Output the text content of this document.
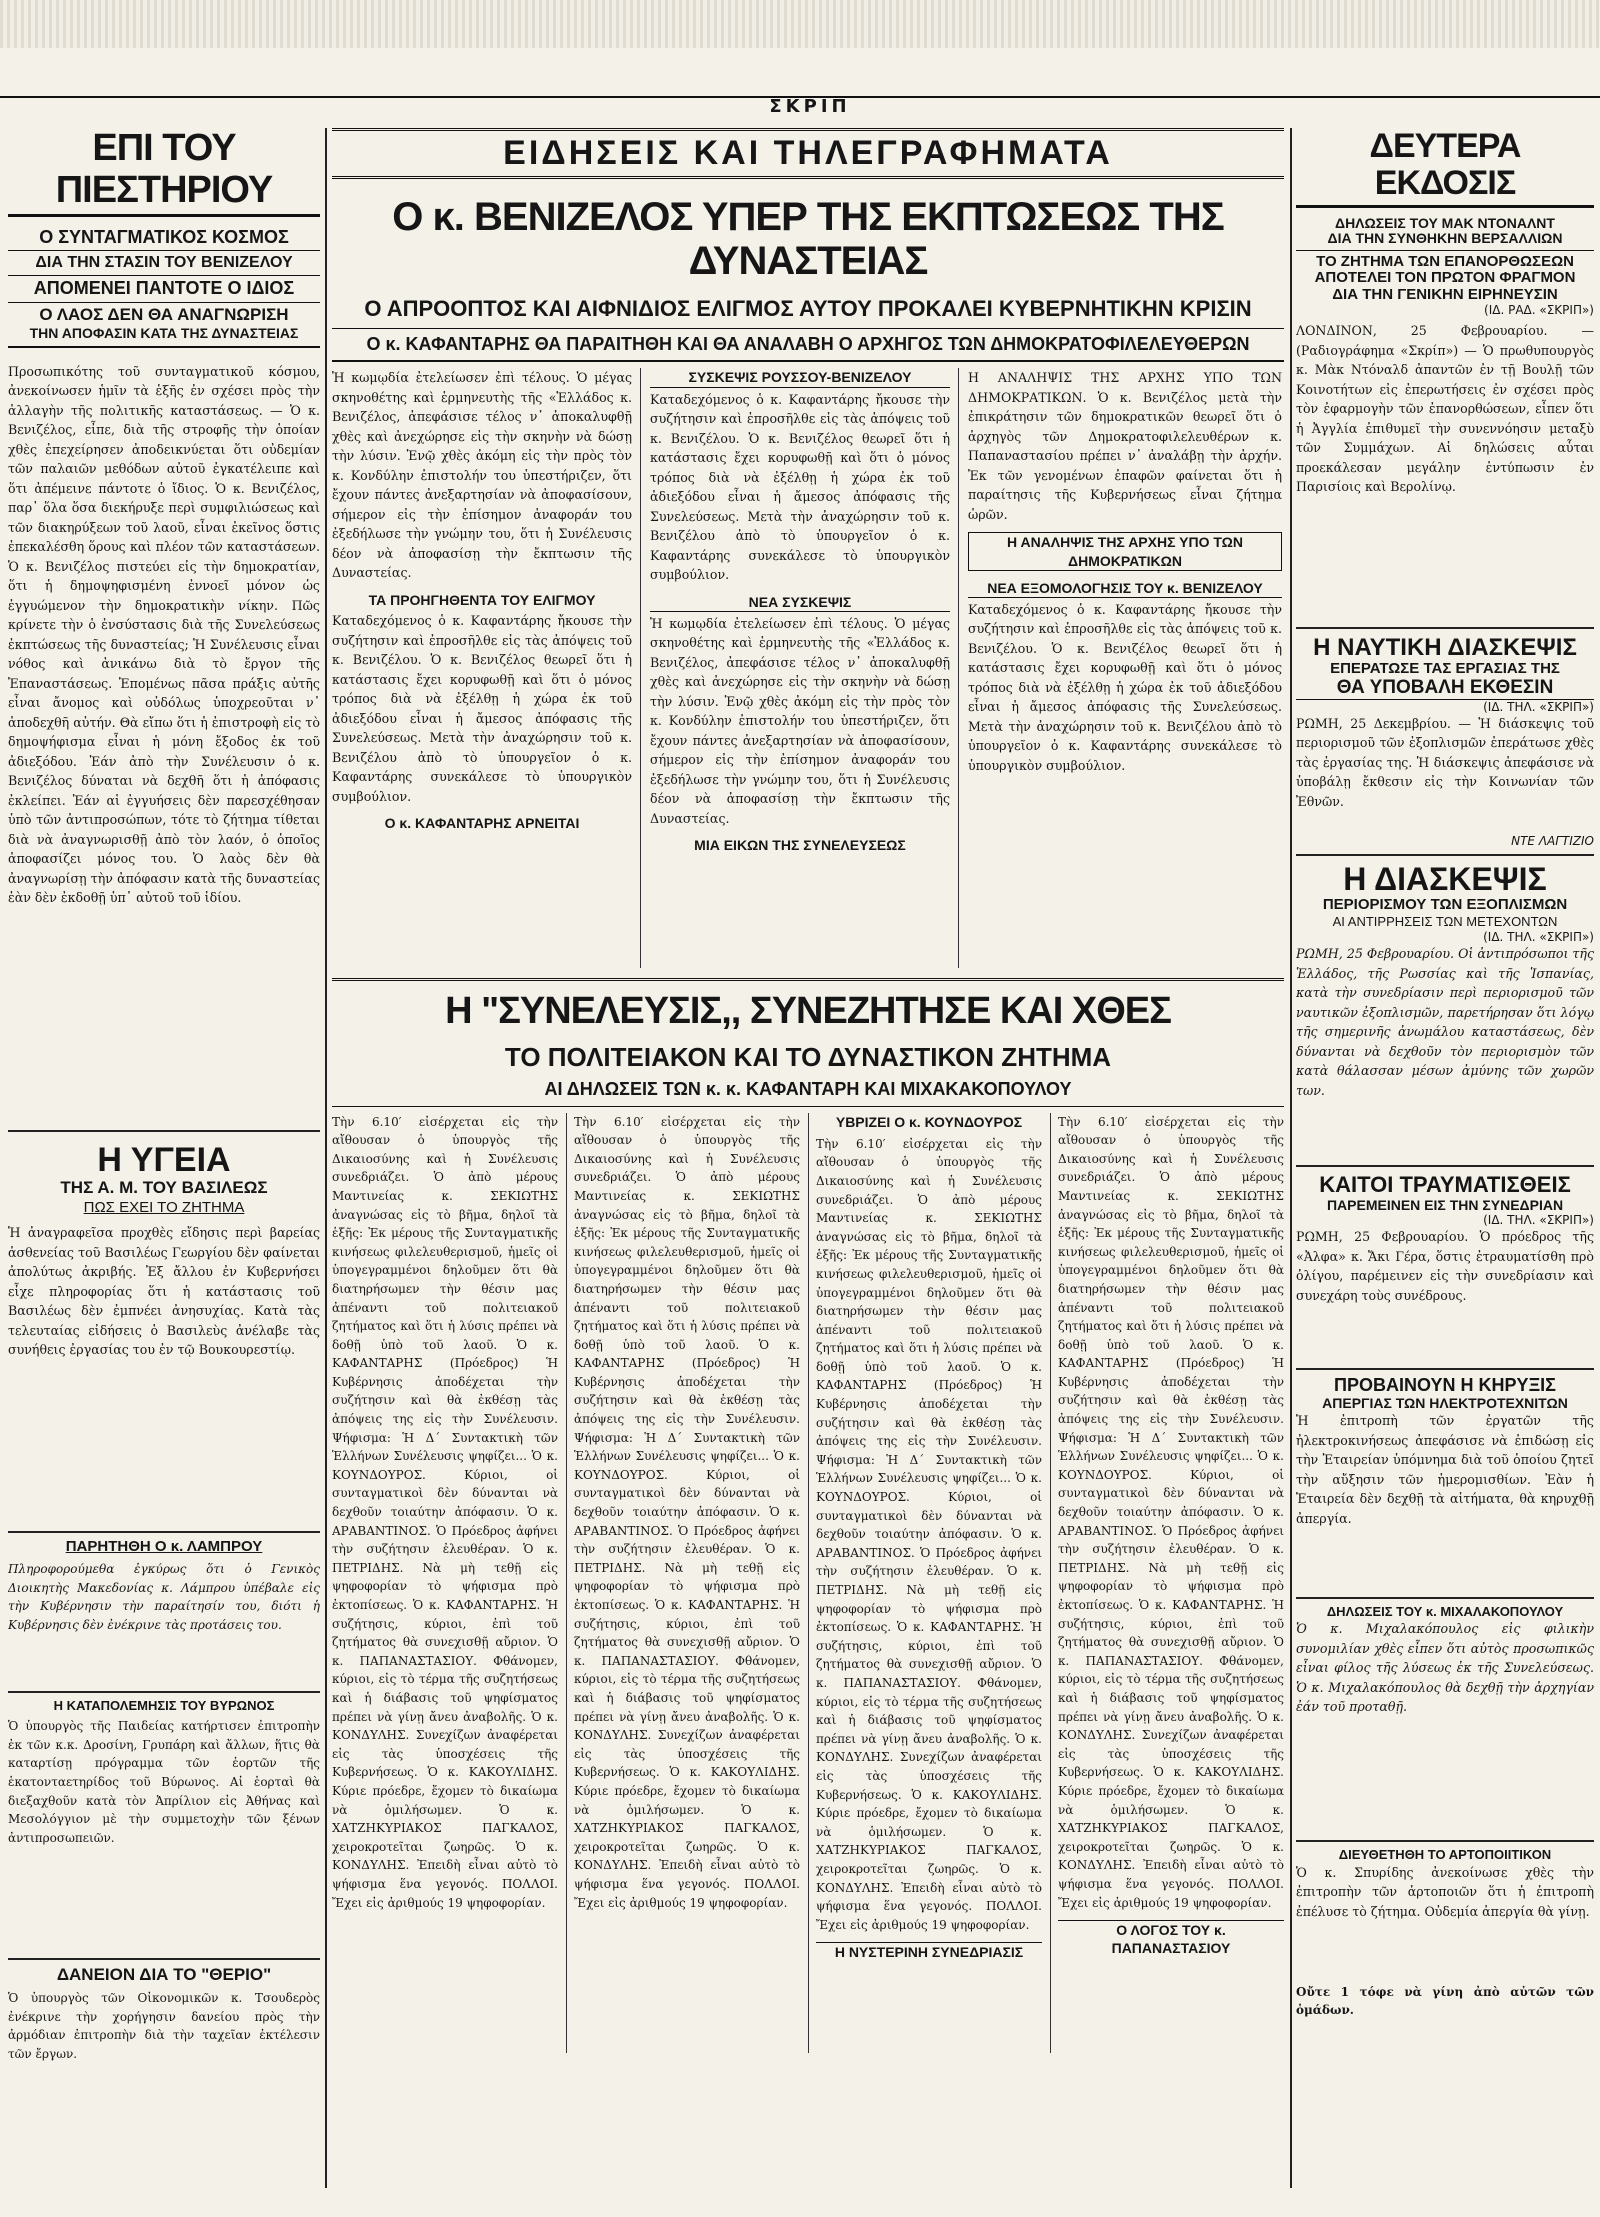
ΣΚΡΙΠ
ΕΠΙ ΤΟΥ ΠΙΕΣΤΗΡΙΟΥ
Ο ΣΥΝΤΑΓΜΑΤΙΚΟΣ ΚΟΣΜΟΣ
ΔΙΑ ΤΗΝ ΣΤΑΣΙΝ ΤΟΥ ΒΕΝΙΖΕΛΟΥ
ΑΠΟΜΕΝΕΙ ΠΑΝΤΟΤΕ Ο ΙΔΙΟΣ
Ο ΛΑΟΣ ΔΕΝ ΘΑ ΑΝΑΓΝΩΡΙΣΗ
ΤΗΝ ΑΠΟΦΑΣΙΝ ΚΑΤΑ ΤΗΣ ΔΥΝΑΣΤΕΙΑΣ
Προσωπικότης τοῦ συνταγματικοῦ κόσμου, ἀνεκοίνωσεν ἡμῖν τὰ ἑξῆς ἐν σχέσει πρὸς τὴν ἀλλαγὴν τῆς πολιτικῆς καταστάσεως. — Ὁ κ. Βενιζέλος, εἶπε, διὰ τῆς στροφῆς τὴν ὁποίαν χθὲς ἐπεχείρησεν ἀποδεικνύεται ὅτι οὐδεμίαν τῶν παλαιῶν μεθόδων αὐτοῦ ἐγκατέλειπε καὶ ὅτι ἀπέμεινε πάντοτε ὁ ἴδιος. Ὁ κ. Βενιζέλος, παρ᾽ ὅλα ὅσα διεκήρυξε περὶ συμφιλιώσεως καὶ τῶν διακηρύξεων τοῦ λαοῦ, εἶναι ἐκεῖνος ὅστις ἐπεκαλέσθη ὅρους καὶ πλέον τῶν καταστάσεων. Ὁ κ. Βενιζέλος πιστεύει εἰς τὴν δημοκρατίαν, ὅτι ἡ δημοψηφισμένη ἐννοεῖ μόνον ὡς ἐγγυώμενον τὴν δημοκρατικὴν νίκην. Πῶς κρίνετε τὴν ὁ ἐνσύστασις διὰ τῆς Συνελεύσεως ἐκπτώσεως τῆς δυναστείας; Ἡ Συνέλευσις εἶναι νόθος καὶ ἀνικάνω διὰ τὸ ἔργον τῆς Ἐπαναστάσεως. Ἐπομένως πᾶσα πράξις αὐτῆς εἶναι ἄνομος καὶ οὐδόλως ὑποχρεοῦται ν᾽ ἀποδεχθῆ αὐτήν. Θὰ εἴπω ὅτι ἡ ἐπιστροφὴ εἰς τὸ δημοψήφισμα εἶναι ἡ μόνη ἔξοδος ἐκ τοῦ ἀδιεξόδου. Ἐάν ἀπὸ τὴν Συνέλευσιν ὁ κ. Βενιζέλος δύναται νὰ δεχθῆ ὅτι ἡ ἀπόφασις ἐκλείπει. Ἐάν αἱ ἐγγυήσεις δὲν παρεσχέθησαν ὑπὸ τῶν ἀντιπροσώπων, τότε τὸ ζήτημα τίθεται διὰ νὰ ἀναγνωρισθῇ ἀπὸ τὸν λαόν, ὁ ὁποῖος ἀποφασίζει μόνος του. Ὁ λαὸς δὲν θὰ ἀναγνωρίσῃ τὴν ἀπόφασιν κατὰ τῆς δυναστείας ἐὰν δὲν ἐκδοθῇ ὑπ᾽ αὐτοῦ τοῦ ἰδίου.
Η ΥΓΕΙΑ
ΤΗΣ Α. Μ. ΤΟΥ ΒΑΣΙΛΕΩΣ
ΠΩΣ ΕΧΕΙ ΤΟ ΖΗΤΗΜΑ
Ἡ ἀναγραφεῖσα προχθὲς εἴδησις περὶ βαρείας ἀσθενείας τοῦ Βασιλέως Γεωργίου δὲν φαίνεται ἀπολύτως ἀκριβής. Ἐξ ἄλλου ἐν Κυβερνήσει εἶχε πληροφορίας ὅτι ἡ κατάστασις τοῦ Βασιλέως δὲν ἐμπνέει ἀνησυχίας. Κατὰ τὰς τελευταίας εἰδήσεις ὁ Βασιλεὺς ἀνέλαβε τὰς συνήθεις ἐργασίας του ἐν τῷ Βουκουρεστίῳ.
ΠΑΡΗΤΗΘΗ Ο κ. ΛΑΜΠΡΟΥ
Πληροφορούμεθα ἐγκύρως ὅτι ὁ Γενικὸς Διοικητὴς Μακεδονίας κ. Λάμπρου ὑπέβαλε εἰς τὴν Κυβέρνησιν τὴν παραίτησίν του, διότι ἡ Κυβέρνησις δὲν ἐνέκρινε τὰς προτάσεις του.
Η ΚΑΤΑΠΟΛΕΜΗΣΙΣ ΤΟΥ ΒΥΡΩΝΟΣ
Ὁ ὑπουργὸς τῆς Παιδείας κατήρτισεν ἐπιτροπὴν ἐκ τῶν κ.κ. Δροσίνη, Γρυπάρη καὶ ἄλλων, ἥτις θὰ καταρτίσῃ πρόγραμμα τῶν ἐορτῶν τῆς ἑκατονταετηρίδος τοῦ Βύρωνος. Αἱ ἑορταὶ θὰ διεξαχθοῦν κατὰ τὸν Ἀπρίλιον εἰς Ἀθήνας καὶ Μεσολόγγιον μὲ τὴν συμμετοχὴν τῶν ξένων ἀντιπροσωπειῶν.
ΔΑΝΕΙΟΝ ΔΙΑ ΤΟ "ΘΕΡΙΟ"
Ὁ ὑπουργὸς τῶν Οἰκονομικῶν κ. Τσουδερὸς ἐνέκρινε τὴν χορήγησιν δανείου πρὸς τὴν ἀρμόδιαν ἐπιτροπὴν διὰ τὴν ταχεῖαν ἐκτέλεσιν τῶν ἔργων.
ΕΙΔΗΣΕΙΣ ΚΑΙ ΤΗΛΕΓΡΑΦΗΜΑΤΑ
Ο κ. ΒΕΝΙΖΕΛΟΣ ΥΠΕΡ ΤΗΣ ΕΚΠΤΩΣΕΩΣ ΤΗΣ ΔΥΝΑΣΤΕΙΑΣ
Ο ΑΠΡΟΟΠΤΟΣ ΚΑΙ ΑΙΦΝΙΔΙΟΣ ΕΛΙΓΜΟΣ ΑΥΤΟΥ ΠΡΟΚΑΛΕΙ ΚΥΒΕΡΝΗΤΙΚΗΝ ΚΡΙΣΙΝ
Ο κ. ΚΑΦΑΝΤΑΡΗΣ ΘΑ ΠΑΡΑΙΤΗΘΗ ΚΑΙ ΘΑ ΑΝΑΛΑΒΗ Ο ΑΡΧΗΓΟΣ ΤΩΝ ΔΗΜΟΚΡΑΤΟΦΙΛΕΛΕΥΘΕΡΩΝ
Ἡ κωμῳδία ἐτελείωσεν ἐπὶ τέλους. Ὁ μέγας σκηνοθέτης καὶ ἑρμηνευτὴς τῆς «Ἑλλάδος κ. Βενιζέλος, ἀπεφάσισε τέλος ν᾽ ἀποκαλυφθῇ χθὲς καὶ ἀνεχώρησε εἰς τὴν σκηνὴν νὰ δώσῃ τὴν λύσιν. Ἐνῷ χθὲς ἀκόμη εἰς τὴν πρὸς τὸν κ. Κονδύλην ἐπιστολήν του ὑπεστήριζεν, ὅτι ἔχουν πάντες ἀνεξαρτησίαν νὰ ἀποφασίσουν, σήμερον εἰς τὴν ἐπίσημον ἀναφοράν του ἐξεδήλωσε τὴν γνώμην του, ὅτι ἡ Συνέλευσις δέον νὰ ἀποφασίσῃ τὴν ἔκπτωσιν τῆς Δυναστείας.
ΤΑ ΠΡΟΗΓΗΘΕΝΤΑ ΤΟΥ ΕΛΙΓΜΟΥ
Καταδεχόμενος ὁ κ. Καφαντάρης ἤκουσε τὴν συζήτησιν καὶ ἐπροσῆλθε εἰς τὰς ἀπόψεις τοῦ κ. Βενιζέλου. Ὁ κ. Βενιζέλος θεωρεῖ ὅτι ἡ κατάστασις ἔχει κορυφωθῇ καὶ ὅτι ὁ μόνος τρόπος διὰ νὰ ἐξέλθῃ ἡ χώρα ἐκ τοῦ ἀδιεξόδου εἶναι ἡ ἄμεσος ἀπόφασις τῆς Συνελεύσεως. Μετὰ τὴν ἀναχώρησιν τοῦ κ. Βενιζέλου ἀπὸ τὸ ὑπουργεῖον ὁ κ. Καφαντάρης συνεκάλεσε τὸ ὑπουργικὸν συμβούλιον.
Ο κ. ΚΑΦΑΝΤΑΡΗΣ ΑΡΝΕΙΤΑΙ
ΣΥΣΚΕΨΙΣ ΡΟΥΣΣΟΥ-ΒΕΝΙΖΕΛΟΥ
Καταδεχόμενος ὁ κ. Καφαντάρης ἤκουσε τὴν συζήτησιν καὶ ἐπροσῆλθε εἰς τὰς ἀπόψεις τοῦ κ. Βενιζέλου. Ὁ κ. Βενιζέλος θεωρεῖ ὅτι ἡ κατάστασις ἔχει κορυφωθῇ καὶ ὅτι ὁ μόνος τρόπος διὰ νὰ ἐξέλθῃ ἡ χώρα ἐκ τοῦ ἀδιεξόδου εἶναι ἡ ἄμεσος ἀπόφασις τῆς Συνελεύσεως. Μετὰ τὴν ἀναχώρησιν τοῦ κ. Βενιζέλου ἀπὸ τὸ ὑπουργεῖον ὁ κ. Καφαντάρης συνεκάλεσε τὸ ὑπουργικὸν συμβούλιον.
ΝΕΑ ΣΥΣΚΕΨΙΣ
Ἡ κωμῳδία ἐτελείωσεν ἐπὶ τέλους. Ὁ μέγας σκηνοθέτης καὶ ἑρμηνευτὴς τῆς «Ἑλλάδος κ. Βενιζέλος, ἀπεφάσισε τέλος ν᾽ ἀποκαλυφθῇ χθὲς καὶ ἀνεχώρησε εἰς τὴν σκηνὴν νὰ δώσῃ τὴν λύσιν. Ἐνῷ χθὲς ἀκόμη εἰς τὴν πρὸς τὸν κ. Κονδύλην ἐπιστολήν του ὑπεστήριζεν, ὅτι ἔχουν πάντες ἀνεξαρτησίαν νὰ ἀποφασίσουν, σήμερον εἰς τὴν ἐπίσημον ἀναφοράν του ἐξεδήλωσε τὴν γνώμην του, ὅτι ἡ Συνέλευσις δέον νὰ ἀποφασίσῃ τὴν ἔκπτωσιν τῆς Δυναστείας.
ΜΙΑ ΕΙΚΩΝ ΤΗΣ ΣΥΝΕΛΕΥΣΕΩΣ
Η ΑΝΑΛΗΨΙΣ ΤΗΣ ΑΡΧΗΣ ΥΠΟ ΤΩΝ ΔΗΜΟΚΡΑΤΙΚΩΝ. Ὁ κ. Βενιζέλος μετὰ τὴν ἐπικράτησιν τῶν δημοκρατικῶν θεωρεῖ ὅτι ὁ ἀρχηγὸς τῶν Δημοκρατοφιλελευθέρων κ. Παπαναστασίου πρέπει ν᾽ ἀναλάβῃ τὴν ἀρχήν. Ἐκ τῶν γενομένων ἐπαφῶν φαίνεται ὅτι ἡ παραίτησις τῆς Κυβερνήσεως εἶναι ζήτημα ὡρῶν.
Η ΑΝΑΛΗΨΙΣ ΤΗΣ ΑΡΧΗΣ ΥΠΟ ΤΩΝ ΔΗΜΟΚΡΑΤΙΚΩΝ
ΝΕΑ ΕΞΟΜΟΛΟΓΗΣΙΣ ΤΟΥ κ. ΒΕΝΙΖΕΛΟΥ
Καταδεχόμενος ὁ κ. Καφαντάρης ἤκουσε τὴν συζήτησιν καὶ ἐπροσῆλθε εἰς τὰς ἀπόψεις τοῦ κ. Βενιζέλου. Ὁ κ. Βενιζέλος θεωρεῖ ὅτι ἡ κατάστασις ἔχει κορυφωθῇ καὶ ὅτι ὁ μόνος τρόπος διὰ νὰ ἐξέλθῃ ἡ χώρα ἐκ τοῦ ἀδιεξόδου εἶναι ἡ ἄμεσος ἀπόφασις τῆς Συνελεύσεως. Μετὰ τὴν ἀναχώρησιν τοῦ κ. Βενιζέλου ἀπὸ τὸ ὑπουργεῖον ὁ κ. Καφαντάρης συνεκάλεσε τὸ ὑπουργικὸν συμβούλιον.
Η "ΣΥΝΕΛΕΥΣΙΣ,, ΣΥΝΕΖΗΤΗΣΕ ΚΑΙ ΧΘΕΣ
ΤΟ ΠΟΛΙΤΕΙΑΚΟΝ ΚΑΙ ΤΟ ΔΥΝΑΣΤΙΚΟΝ ΖΗΤΗΜΑ
ΑΙ ΔΗΛΩΣΕΙΣ ΤΩΝ κ. κ. ΚΑΦΑΝΤΑΡΗ ΚΑΙ ΜΙΧΑΚΑΚΟΠΟΥΛΟΥ
Τὴν 6.10′ εἰσέρχεται εἰς τὴν αἴθουσαν ὁ ὑπουργὸς τῆς Δικαιοσύνης καὶ ἡ Συνέλευσις συνεδριάζει. Ὁ ἀπὸ μέρους Μαντινείας κ. ΣΕΚΙΩΤΗΣ ἀναγνώσας εἰς τὸ βῆμα, δηλοῖ τὰ ἑξῆς: Ἐκ μέρους τῆς Συνταγματικῆς κινήσεως φιλελευθερισμοῦ, ἡμεῖς οἱ ὑπογεγραμμένοι δηλοῦμεν ὅτι θὰ διατηρήσωμεν τὴν θέσιν μας ἀπέναντι τοῦ πολιτειακοῦ ζητήματος καὶ ὅτι ἡ λύσις πρέπει νὰ δοθῇ ὑπὸ τοῦ λαοῦ. Ὁ κ. ΚΑΦΑΝΤΑΡΗΣ (Πρόεδρος) Ἡ Κυβέρνησις ἀποδέχεται τὴν συζήτησιν καὶ θὰ ἐκθέσῃ τὰς ἀπόψεις της εἰς τὴν Συνέλευσιν. Ψήφισμα: Ἡ Δ΄ Συντακτικὴ τῶν Ἑλλήνων Συνέλευσις ψηφίζει... Ὁ κ. ΚΟΥΝΔΟΥΡΟΣ. Κύριοι, οἱ συνταγματικοὶ δὲν δύνανται νὰ δεχθοῦν τοιαύτην ἀπόφασιν. Ὁ κ. ΑΡΑΒΑΝΤΙΝΟΣ. Ὁ Πρόεδρος ἀφήνει τὴν συζήτησιν ἐλευθέραν. Ὁ κ. ΠΕΤΡΙΔΗΣ. Νὰ μὴ τεθῇ εἰς ψηφοφορίαν τὸ ψήφισμα πρὸ ἐκτοπίσεως. Ὁ κ. ΚΑΦΑΝΤΑΡΗΣ. Ἡ συζήτησις, κύριοι, ἐπὶ τοῦ ζητήματος θὰ συνεχισθῇ αὔριον. Ὁ κ. ΠΑΠΑΝΑΣΤΑΣΙΟΥ. Φθάνομεν, κύριοι, εἰς τὸ τέρμα τῆς συζητήσεως καὶ ἡ διάβασις τοῦ ψηφίσματος πρέπει νὰ γίνῃ ἄνευ ἀναβολῆς. Ὁ κ. ΚΟΝΔΥΛΗΣ. Συνεχίζων ἀναφέρεται εἰς τὰς ὑποσχέσεις τῆς Κυβερνήσεως. Ὁ κ. ΚΑΚΟΥΛΙΔΗΣ. Κύριε πρόεδρε, ἔχομεν τὸ δικαίωμα νὰ ὁμιλήσωμεν. Ὁ κ. ΧΑΤΖΗΚΥΡΙΑΚΟΣ ΠΑΓΚΑΛΟΣ, χειροκροτεῖται ζωηρῶς. Ὁ κ. ΚΟΝΔΥΛΗΣ. Ἐπειδὴ εἶναι αὐτὸ τὸ ψήφισμα ἕνα γεγονός. ΠΟΛΛΟΙ. Ἔχει εἰς ἀριθμούς 19 ψηφοφορίαν.
Τὴν 6.10′ εἰσέρχεται εἰς τὴν αἴθουσαν ὁ ὑπουργὸς τῆς Δικαιοσύνης καὶ ἡ Συνέλευσις συνεδριάζει. Ὁ ἀπὸ μέρους Μαντινείας κ. ΣΕΚΙΩΤΗΣ ἀναγνώσας εἰς τὸ βῆμα, δηλοῖ τὰ ἑξῆς: Ἐκ μέρους τῆς Συνταγματικῆς κινήσεως φιλελευθερισμοῦ, ἡμεῖς οἱ ὑπογεγραμμένοι δηλοῦμεν ὅτι θὰ διατηρήσωμεν τὴν θέσιν μας ἀπέναντι τοῦ πολιτειακοῦ ζητήματος καὶ ὅτι ἡ λύσις πρέπει νὰ δοθῇ ὑπὸ τοῦ λαοῦ. Ὁ κ. ΚΑΦΑΝΤΑΡΗΣ (Πρόεδρος) Ἡ Κυβέρνησις ἀποδέχεται τὴν συζήτησιν καὶ θὰ ἐκθέσῃ τὰς ἀπόψεις της εἰς τὴν Συνέλευσιν. Ψήφισμα: Ἡ Δ΄ Συντακτικὴ τῶν Ἑλλήνων Συνέλευσις ψηφίζει... Ὁ κ. ΚΟΥΝΔΟΥΡΟΣ. Κύριοι, οἱ συνταγματικοὶ δὲν δύνανται νὰ δεχθοῦν τοιαύτην ἀπόφασιν. Ὁ κ. ΑΡΑΒΑΝΤΙΝΟΣ. Ὁ Πρόεδρος ἀφήνει τὴν συζήτησιν ἐλευθέραν. Ὁ κ. ΠΕΤΡΙΔΗΣ. Νὰ μὴ τεθῇ εἰς ψηφοφορίαν τὸ ψήφισμα πρὸ ἐκτοπίσεως. Ὁ κ. ΚΑΦΑΝΤΑΡΗΣ. Ἡ συζήτησις, κύριοι, ἐπὶ τοῦ ζητήματος θὰ συνεχισθῇ αὔριον. Ὁ κ. ΠΑΠΑΝΑΣΤΑΣΙΟΥ. Φθάνομεν, κύριοι, εἰς τὸ τέρμα τῆς συζητήσεως καὶ ἡ διάβασις τοῦ ψηφίσματος πρέπει νὰ γίνῃ ἄνευ ἀναβολῆς. Ὁ κ. ΚΟΝΔΥΛΗΣ. Συνεχίζων ἀναφέρεται εἰς τὰς ὑποσχέσεις τῆς Κυβερνήσεως. Ὁ κ. ΚΑΚΟΥΛΙΔΗΣ. Κύριε πρόεδρε, ἔχομεν τὸ δικαίωμα νὰ ὁμιλήσωμεν. Ὁ κ. ΧΑΤΖΗΚΥΡΙΑΚΟΣ ΠΑΓΚΑΛΟΣ, χειροκροτεῖται ζωηρῶς. Ὁ κ. ΚΟΝΔΥΛΗΣ. Ἐπειδὴ εἶναι αὐτὸ τὸ ψήφισμα ἕνα γεγονός. ΠΟΛΛΟΙ. Ἔχει εἰς ἀριθμούς 19 ψηφοφορίαν.
ΥΒΡΙΖΕΙ Ο κ. ΚΟΥΝΔΟΥΡΟΣ
Τὴν 6.10′ εἰσέρχεται εἰς τὴν αἴθουσαν ὁ ὑπουργὸς τῆς Δικαιοσύνης καὶ ἡ Συνέλευσις συνεδριάζει. Ὁ ἀπὸ μέρους Μαντινείας κ. ΣΕΚΙΩΤΗΣ ἀναγνώσας εἰς τὸ βῆμα, δηλοῖ τὰ ἑξῆς: Ἐκ μέρους τῆς Συνταγματικῆς κινήσεως φιλελευθερισμοῦ, ἡμεῖς οἱ ὑπογεγραμμένοι δηλοῦμεν ὅτι θὰ διατηρήσωμεν τὴν θέσιν μας ἀπέναντι τοῦ πολιτειακοῦ ζητήματος καὶ ὅτι ἡ λύσις πρέπει νὰ δοθῇ ὑπὸ τοῦ λαοῦ. Ὁ κ. ΚΑΦΑΝΤΑΡΗΣ (Πρόεδρος) Ἡ Κυβέρνησις ἀποδέχεται τὴν συζήτησιν καὶ θὰ ἐκθέσῃ τὰς ἀπόψεις της εἰς τὴν Συνέλευσιν. Ψήφισμα: Ἡ Δ΄ Συντακτικὴ τῶν Ἑλλήνων Συνέλευσις ψηφίζει... Ὁ κ. ΚΟΥΝΔΟΥΡΟΣ. Κύριοι, οἱ συνταγματικοὶ δὲν δύνανται νὰ δεχθοῦν τοιαύτην ἀπόφασιν. Ὁ κ. ΑΡΑΒΑΝΤΙΝΟΣ. Ὁ Πρόεδρος ἀφήνει τὴν συζήτησιν ἐλευθέραν. Ὁ κ. ΠΕΤΡΙΔΗΣ. Νὰ μὴ τεθῇ εἰς ψηφοφορίαν τὸ ψήφισμα πρὸ ἐκτοπίσεως. Ὁ κ. ΚΑΦΑΝΤΑΡΗΣ. Ἡ συζήτησις, κύριοι, ἐπὶ τοῦ ζητήματος θὰ συνεχισθῇ αὔριον. Ὁ κ. ΠΑΠΑΝΑΣΤΑΣΙΟΥ. Φθάνομεν, κύριοι, εἰς τὸ τέρμα τῆς συζητήσεως καὶ ἡ διάβασις τοῦ ψηφίσματος πρέπει νὰ γίνῃ ἄνευ ἀναβολῆς. Ὁ κ. ΚΟΝΔΥΛΗΣ. Συνεχίζων ἀναφέρεται εἰς τὰς ὑποσχέσεις τῆς Κυβερνήσεως. Ὁ κ. ΚΑΚΟΥΛΙΔΗΣ. Κύριε πρόεδρε, ἔχομεν τὸ δικαίωμα νὰ ὁμιλήσωμεν. Ὁ κ. ΧΑΤΖΗΚΥΡΙΑΚΟΣ ΠΑΓΚΑΛΟΣ, χειροκροτεῖται ζωηρῶς. Ὁ κ. ΚΟΝΔΥΛΗΣ. Ἐπειδὴ εἶναι αὐτὸ τὸ ψήφισμα ἕνα γεγονός. ΠΟΛΛΟΙ. Ἔχει εἰς ἀριθμούς 19 ψηφοφορίαν.
Η ΝΥΣΤΕΡΙΝΗ ΣΥΝΕΔΡΙΑΣΙΣ
Τὴν 6.10′ εἰσέρχεται εἰς τὴν αἴθουσαν ὁ ὑπουργὸς τῆς Δικαιοσύνης καὶ ἡ Συνέλευσις συνεδριάζει. Ὁ ἀπὸ μέρους Μαντινείας κ. ΣΕΚΙΩΤΗΣ ἀναγνώσας εἰς τὸ βῆμα, δηλοῖ τὰ ἑξῆς: Ἐκ μέρους τῆς Συνταγματικῆς κινήσεως φιλελευθερισμοῦ, ἡμεῖς οἱ ὑπογεγραμμένοι δηλοῦμεν ὅτι θὰ διατηρήσωμεν τὴν θέσιν μας ἀπέναντι τοῦ πολιτειακοῦ ζητήματος καὶ ὅτι ἡ λύσις πρέπει νὰ δοθῇ ὑπὸ τοῦ λαοῦ. Ὁ κ. ΚΑΦΑΝΤΑΡΗΣ (Πρόεδρος) Ἡ Κυβέρνησις ἀποδέχεται τὴν συζήτησιν καὶ θὰ ἐκθέσῃ τὰς ἀπόψεις της εἰς τὴν Συνέλευσιν. Ψήφισμα: Ἡ Δ΄ Συντακτικὴ τῶν Ἑλλήνων Συνέλευσις ψηφίζει... Ὁ κ. ΚΟΥΝΔΟΥΡΟΣ. Κύριοι, οἱ συνταγματικοὶ δὲν δύνανται νὰ δεχθοῦν τοιαύτην ἀπόφασιν. Ὁ κ. ΑΡΑΒΑΝΤΙΝΟΣ. Ὁ Πρόεδρος ἀφήνει τὴν συζήτησιν ἐλευθέραν. Ὁ κ. ΠΕΤΡΙΔΗΣ. Νὰ μὴ τεθῇ εἰς ψηφοφορίαν τὸ ψήφισμα πρὸ ἐκτοπίσεως. Ὁ κ. ΚΑΦΑΝΤΑΡΗΣ. Ἡ συζήτησις, κύριοι, ἐπὶ τοῦ ζητήματος θὰ συνεχισθῇ αὔριον. Ὁ κ. ΠΑΠΑΝΑΣΤΑΣΙΟΥ. Φθάνομεν, κύριοι, εἰς τὸ τέρμα τῆς συζητήσεως καὶ ἡ διάβασις τοῦ ψηφίσματος πρέπει νὰ γίνῃ ἄνευ ἀναβολῆς. Ὁ κ. ΚΟΝΔΥΛΗΣ. Συνεχίζων ἀναφέρεται εἰς τὰς ὑποσχέσεις τῆς Κυβερνήσεως. Ὁ κ. ΚΑΚΟΥΛΙΔΗΣ. Κύριε πρόεδρε, ἔχομεν τὸ δικαίωμα νὰ ὁμιλήσωμεν. Ὁ κ. ΧΑΤΖΗΚΥΡΙΑΚΟΣ ΠΑΓΚΑΛΟΣ, χειροκροτεῖται ζωηρῶς. Ὁ κ. ΚΟΝΔΥΛΗΣ. Ἐπειδὴ εἶναι αὐτὸ τὸ ψήφισμα ἕνα γεγονός. ΠΟΛΛΟΙ. Ἔχει εἰς ἀριθμούς 19 ψηφοφορίαν.
Ο ΛΟΓΟΣ ΤΟΥ κ. ΠΑΠΑΝΑΣΤΑΣΙΟΥ
ΔΕΥΤΕΡΑ ΕΚΔΟΣΙΣ
ΔΗΛΩΣΕΙΣ ΤΟΥ ΜΑΚ ΝΤΟΝΑΛΝΤ
ΔΙΑ ΤΗΝ ΣΥΝΘΗΚΗΝ ΒΕΡΣΑΛΛΙΩΝ
ΤΟ ΖΗΤΗΜΑ ΤΩΝ ΕΠΑΝΟΡΘΩΣΕΩΝ
ΑΠΟΤΕΛΕΙ ΤΟΝ ΠΡΩΤΟΝ ΦΡΑΓΜΟΝ
ΔΙΑ ΤΗΝ ΓΕΝΙΚΗΝ ΕΙΡΗΝΕΥΣΙΝ
(ΙΔ. ΡΑΔ. «ΣΚΡΙΠ»)
ΛΟΝΔΙΝΟΝ, 25 Φεβρουαρίου. — (Ραδιογράφημα «Σκρίπ») — Ὁ πρωθυπουργὸς κ. Μὰκ Ντόναλδ ἀπαντῶν ἐν τῇ Βουλῇ τῶν Κοινοτήτων εἰς ἐπερωτήσεις ἐν σχέσει πρὸς τὸν ἐφαρμογὴν τῶν ἐπανορθώσεων, εἶπεν ὅτι ἡ Ἀγγλία ἐπιθυμεῖ τὴν συνεννόησιν μεταξὺ τῶν Συμμάχων. Αἱ δηλώσεις αὗται προεκάλεσαν μεγάλην ἐντύπωσιν ἐν Παρισίοις καὶ Βερολίνῳ.
Η ΝΑΥΤΙΚΗ ΔΙΑΣΚΕΨΙΣ
ΕΠΕΡΑΤΩΣΕ ΤΑΣ ΕΡΓΑΣΙΑΣ ΤΗΣ
ΘΑ ΥΠΟΒΑΛΗ ΕΚΘΕΣΙΝ
(ΙΔ. ΤΗΛ. «ΣΚΡΙΠ»)
ΡΩΜΗ, 25 Δεκεμβρίου. — Ἡ διάσκεψις τοῦ περιορισμοῦ τῶν ἐξοπλισμῶν ἐπεράτωσε χθὲς τὰς ἐργασίας της. Ἡ διάσκεψις ἀπεφάσισε νὰ ὑποβάλῃ ἔκθεσιν εἰς τὴν Κοινωνίαν τῶν Ἐθνῶν.
ΝΤΕ ΛΑΓΤΙΖΙΟ
Η ΔΙΑΣΚΕΨΙΣ
ΠΕΡΙΟΡΙΣΜΟΥ ΤΩΝ ΕΞΟΠΛΙΣΜΩΝ
ΑΙ ΑΝΤΙΡΡΗΣΕΙΣ ΤΩΝ ΜΕΤΕΧΟΝΤΩΝ
(ΙΔ. ΤΗΛ. «ΣΚΡΙΠ»)
ΡΩΜΗ, 25 Φεβρουαρίου. Οἱ ἀντιπρόσωποι τῆς Ἑλλάδος, τῆς Ρωσσίας καὶ τῆς Ἱσπανίας, κατὰ τὴν συνεδρίασιν περὶ περιορισμοῦ τῶν ναυτικῶν ἐξοπλισμῶν, παρετήρησαν ὅτι λόγῳ τῆς σημερινῆς ἀνωμάλου καταστάσεως, δὲν δύνανται νὰ δεχθοῦν τὸν περιορισμὸν τῶν κατὰ θάλασσαν μέσων ἀμύνης τῶν χωρῶν των.
ΚΑΙΤΟΙ ΤΡΑΥΜΑΤΙΣΘΕΙΣ
ΠΑΡΕΜΕΙΝΕΝ ΕΙΣ ΤΗΝ ΣΥΝΕΔΡΙΑΝ
(ΙΔ. ΤΗΛ. «ΣΚΡΙΠ»)
ΡΩΜΗ, 25 Φεβρουαρίου. Ὁ πρόεδρος τῆς «Ἀλφα» κ. Ἄκι Γέρα, ὅστις ἐτραυματίσθη πρὸ ὀλίγου, παρέμεινεν εἰς τὴν συνεδρίασιν καὶ συνεχάρη τοὺς συνέδρους.
ΠΡΟΒΑΙΝΟΥΝ Η ΚΗΡΥΞΙΣ
ΑΠΕΡΓΙΑΣ ΤΩΝ ΗΛΕΚΤΡΟΤΕΧΝΙΤΩΝ
Ἡ ἐπιτροπὴ τῶν ἐργατῶν τῆς ἠλεκτροκινήσεως ἀπεφάσισε νὰ ἐπιδώσῃ εἰς τὴν Ἑταιρείαν ὑπόμνημα διὰ τοῦ ὁποίου ζητεῖ τὴν αὔξησιν τῶν ἡμερομισθίων. Ἐὰν ἡ Ἑταιρεία δὲν δεχθῇ τὰ αἰτήματα, θὰ κηρυχθῇ ἀπεργία.
ΔΗΛΩΣΕΙΣ ΤΟΥ κ. ΜΙΧΑΛΑΚΟΠΟΥΛΟΥ
Ὁ κ. Μιχαλακόπουλος εἰς φιλικὴν συνομιλίαν χθὲς εἶπεν ὅτι αὐτὸς προσωπικῶς εἶναι φίλος τῆς λύσεως ἐκ τῆς Συνελεύσεως. Ὁ κ. Μιχαλακόπουλος θὰ δεχθῇ τὴν ἀρχηγίαν ἐάν τοῦ προταθῇ.
ΔΙΕΥΘΕΤΗΘΗ ΤΟ ΑΡΤΟΠΟΙΙΤΙΚΟΝ
Ὁ κ. Σπυρίδης ἀνεκοίνωσε χθὲς τὴν ἐπιτροπὴν τῶν ἀρτοποιῶν ὅτι ἡ ἐπιτροπὴ ἐπέλυσε τὸ ζήτημα. Οὐδεμία ἀπεργία θὰ γίνῃ.
Οὔτε 1 τόφε νὰ γίνη ἀπὸ αὐτῶν τῶν ὁμάδων.
